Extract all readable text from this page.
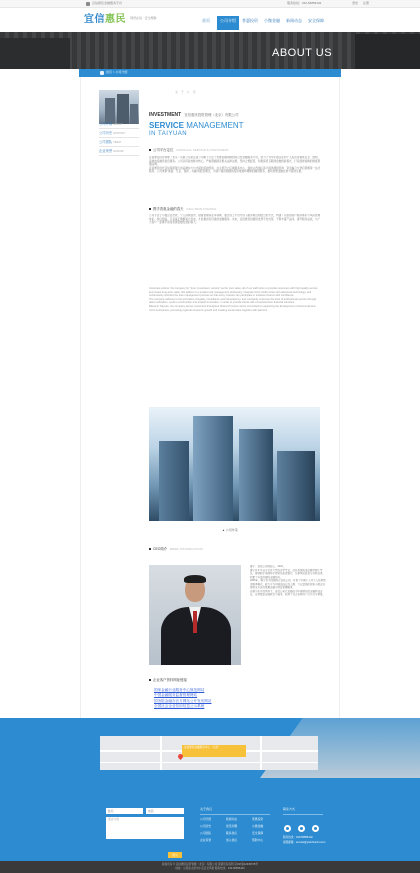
宜信惠民金融服务平台	服务热线：010-56856102	登录 注册
宜信惠民 网贷在线 · 安全理财	首页	公司介绍	普惠投资	小微金融	新闻动态	安全保障
ABOUT US
首页 > 公司介绍
公司介绍 ABOUT
公司历史 HISTORY
公司团队 TEAM
企业荣誉 HONOR
关 于 公 司
INVESTMENT 宜信惠民投资管理（北京）有限公司
SERVICE MANAGEMENT
IN TAIYUAN
公司平台定位 FINANCIAL SERVICE & INVESTMENT
宜信惠民投资管理（北京）有限公司是宜信公司旗下专注于普惠金融领域的综合性金融服务平台，致力于为中小微企业和个人投资者提供安全、透明、高效的投融资信息服务。公司以风险控制为核心，严格遵循国家相关法律法规，坚持合规经营，积极探索互联网金融创新模式，打造值得信赖的财富管理品牌。
宜信惠民依托宜信集团强大的品牌实力与丰富的风控经验，在太原设立区域服务中心，面向山西地区客户提供理财咨询、资金撮合与贷后管理等一站式服务。公司秉承“诚信、专业、创新、共赢”的经营理念，为客户提供稳健的投资渠道和便捷的融资服务，推动普惠金融在地方落地生根。
携手普惠金融的春天 INCLUSIVE FINANCE
公司专注于小微企业贷款、个人消费信贷、财富管理等业务领域，通过线上平台与线下服务网点相结合的方式，构建了完善的客户服务体系与风险管理体系。我们相信，只有真正理解客户需求，才能提供有价值的金融服务。未来，宜信惠民将继续发挥平台优势，不断丰富产品线、提升服务品质，与广大客户一起携手迎接普惠金融发展的春天。
Corporate culture: the company for "trust, investment, service" as the core value, all of our staff strive to provide customers with high quality service and create long-term value. We adhere to a prudent risk management philosophy, integrate strict credit review with advanced technology, and continuously optimize the loan management process so that every investor can participate in inclusive finance with confidence.
The company adheres to the principles of legality, compliance and transparency, and constantly improves the level of professional service through talent cultivation, system construction and product innovation, in order to provide clients with comprehensive financial solutions.
Based in Taiyuan, the company serves customers throughout Shanxi Province and is committed to supporting the development of local small and micro enterprises, promoting regional economic growth and creating social value together with partners.
▲ 公司外景
CEO简介 BRIEF INTRODUCTION
唐宁：宜信公司创始人、CEO。
唐宁先生毕业于北京大学经济学专业，后赴美国攻读金融学硕士学位，曾就职于美国华尔街知名投资银行，从事风险投资与并购业务，积累了丰富的国际金融经验。
2006年，唐宁先生回国创立宜信公司，开创了中国个人对个人信用借贷服务模式，致力于为中国高成长性人群、大众富裕阶层和小微企业提供全方位的普惠金融与财富管理服务。
在唐宁先生的领导下，宜信公司已发展成为中国领先的金融科技企业，业务覆盖全国数百个城市，获得了社会各界的广泛认可与赞誉。
企业客户资料网址链接
国家金融行业服务中心规范网站
中国金融服务监督管理网站
国务院金融办官方网站公开发布网站
全国社会企业信用信息公示系统
宜信惠民金融服务中心（太原）
姓名
电话
留言内容
提交
关于我们
公司介绍
公司历史
公司团队
企业荣誉
新闻动态
常见问题
联系我们
加入我们
普惠投资
小微金融
安全保障
帮助中心
联系方式
服务热线：010-56856102
客服邮箱：service@yixinhuimin.com
版权所有 © 宜信惠民投资管理（北京）有限公司 保留所有权利 京ICP备12345678号
地址：山西省太原市小店区长风街 服务热线：010-56856102
